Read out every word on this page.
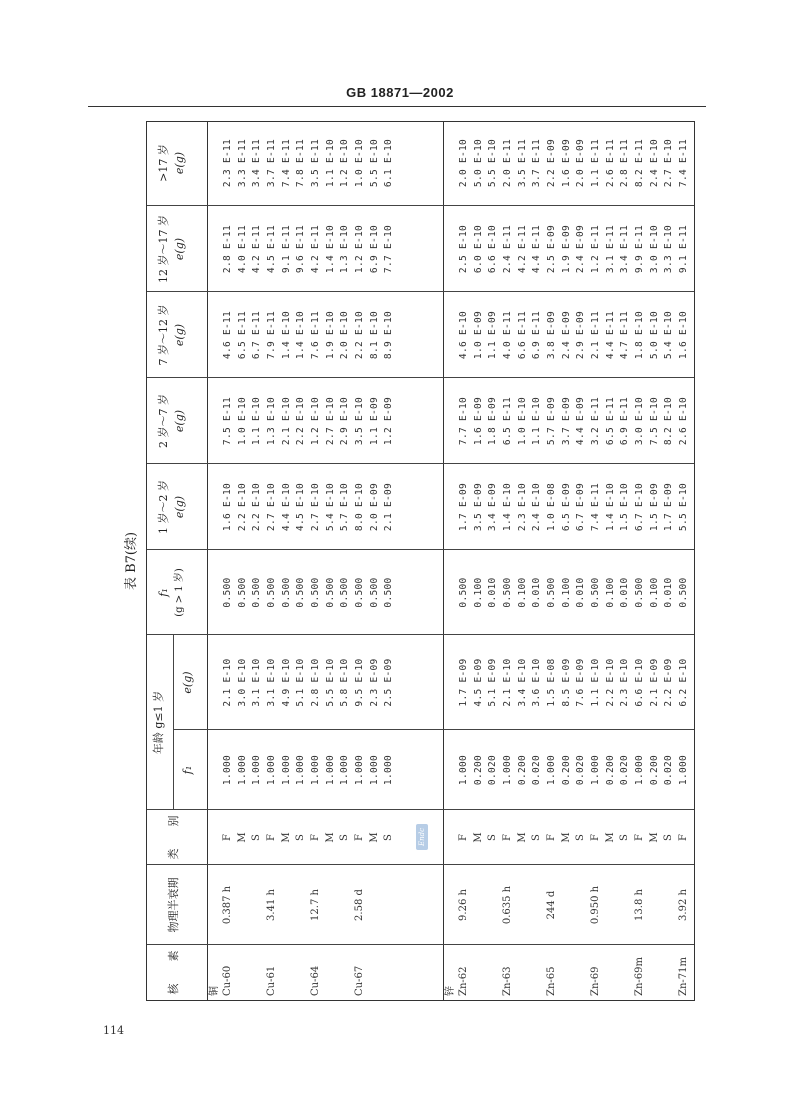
GB 18871—2002
表 B7(续)
核　　素
物理半衰期
类　　别
年龄 g≤1 岁
f₁
e(g)
f₁ (g > 1 岁)
1 岁～2 岁 e(g)
2 岁～7 岁 e(g)
7 岁～12 岁 e(g)
12 岁～17 岁 e(g)
>17 岁 e(g)
Endc
铜 Cu-60
0.387 h
F
1.000
2.1 E-10
0.500
1.6 E-10
7.5 E-11
4.6 E-11
2.8 E-11
2.3 E-11
M
1.000
3.0 E-10
0.500
2.2 E-10
1.0 E-10
6.5 E-11
4.0 E-11
3.3 E-11
S
1.000
3.1 E-10
0.500
2.2 E-10
1.1 E-10
6.7 E-11
4.2 E-11
3.4 E-11
Cu-61
3.41 h
F
1.000
3.1 E-10
0.500
2.7 E-10
1.3 E-10
7.9 E-11
4.5 E-11
3.7 E-11
M
1.000
4.9 E-10
0.500
4.4 E-10
2.1 E-10
1.4 E-10
9.1 E-11
7.4 E-11
S
1.000
5.1 E-10
0.500
4.5 E-10
2.2 E-10
1.4 E-10
9.6 E-11
7.8 E-11
Cu-64
12.7 h
F
1.000
2.8 E-10
0.500
2.7 E-10
1.2 E-10
7.6 E-11
4.2 E-11
3.5 E-11
M
1.000
5.5 E-10
0.500
5.4 E-10
2.7 E-10
1.9 E-10
1.4 E-10
1.1 E-10
S
1.000
5.8 E-10
0.500
5.7 E-10
2.9 E-10
2.0 E-10
1.3 E-10
1.2 E-10
Cu-67
2.58 d
F
1.000
9.5 E-10
0.500
8.0 E-10
3.5 E-10
2.2 E-10
1.2 E-10
1.0 E-10
M
1.000
2.3 E-09
0.500
2.0 E-09
1.1 E-09
8.1 E-10
6.9 E-10
5.5 E-10
S
1.000
2.5 E-09
0.500
2.1 E-09
1.2 E-09
8.9 E-10
7.7 E-10
6.1 E-10
锌 Zn-62
9.26 h
F
1.000
1.7 E-09
0.500
1.7 E-09
7.7 E-10
4.6 E-10
2.5 E-10
2.0 E-10
M
0.200
4.5 E-09
0.100
3.5 E-09
1.6 E-09
1.0 E-09
6.0 E-10
5.0 E-10
S
0.020
5.1 E-09
0.010
3.4 E-09
1.8 E-09
1.1 E-09
6.6 E-10
5.5 E-10
Zn-63
0.635 h
F
1.000
2.1 E-10
0.500
1.4 E-10
6.5 E-11
4.0 E-11
2.4 E-11
2.0 E-11
M
0.200
3.4 E-10
0.100
2.3 E-10
1.0 E-10
6.6 E-11
4.2 E-11
3.5 E-11
S
0.020
3.6 E-10
0.010
2.4 E-10
1.1 E-10
6.9 E-11
4.4 E-11
3.7 E-11
Zn-65
244 d
F
1.000
1.5 E-08
0.500
1.0 E-08
5.7 E-09
3.8 E-09
2.5 E-09
2.2 E-09
M
0.200
8.5 E-09
0.100
6.5 E-09
3.7 E-09
2.4 E-09
1.9 E-09
1.6 E-09
S
0.020
7.6 E-09
0.010
6.7 E-09
4.4 E-09
2.9 E-09
2.4 E-09
2.0 E-09
Zn-69
0.950 h
F
1.000
1.1 E-10
0.500
7.4 E-11
3.2 E-11
2.1 E-11
1.2 E-11
1.1 E-11
M
0.200
2.2 E-10
0.100
1.4 E-10
6.5 E-11
4.4 E-11
3.1 E-11
2.6 E-11
S
0.020
2.3 E-10
0.010
1.5 E-10
6.9 E-11
4.7 E-11
3.4 E-11
2.8 E-11
Zn-69m
13.8 h
F
1.000
6.6 E-10
0.500
6.7 E-10
3.0 E-10
1.8 E-10
9.9 E-11
8.2 E-11
M
0.200
2.1 E-09
0.100
1.5 E-09
7.5 E-10
5.0 E-10
3.0 E-10
2.4 E-10
S
0.020
2.2 E-09
0.010
1.7 E-09
8.2 E-10
5.4 E-10
3.3 E-10
2.7 E-10
Zn-71m
3.92 h
F
1.000
6.2 E-10
0.500
5.5 E-10
2.6 E-10
1.6 E-10
9.1 E-11
7.4 E-11
114
